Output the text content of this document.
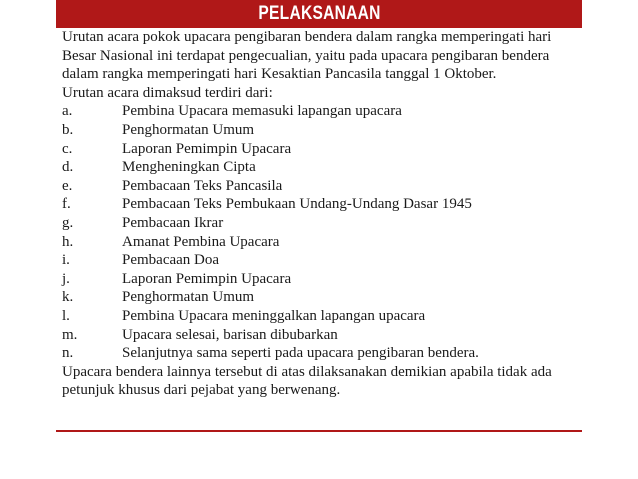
PELAKSANAAN

Urutan acara pokok upacara pengibaran bendera dalam rangka memperingati hari Besar Nasional ini terdapat pengecualian, yaitu pada upacara pengibaran bendera dalam rangka memperingati hari Kesaktian Pancasila tanggal 1 Oktober.

Urutan acara dimaksud terdiri dari:

a.	Pembina Upacara memasuki lapangan upacara
b.	Penghormatan Umum
c.	Laporan Pemimpin Upacara
d.	Mengheningkan Cipta
e.	Pembacaan Teks Pancasila
f.	Pembacaan Teks Pembukaan Undang-Undang Dasar 1945
g.	Pembacaan Ikrar
h.	Amanat Pembina Upacara
i.	Pembacaan Doa
j.	Laporan Pemimpin Upacara
k.	Penghormatan Umum
l.	Pembina Upacara meninggalkan lapangan upacara
m.	Upacara selesai, barisan dibubarkan
n.	Selanjutnya sama seperti pada upacara pengibaran bendera.

Upacara bendera lainnya tersebut di atas dilaksanakan demikian apabila tidak ada petunjuk khusus dari pejabat yang berwenang.
